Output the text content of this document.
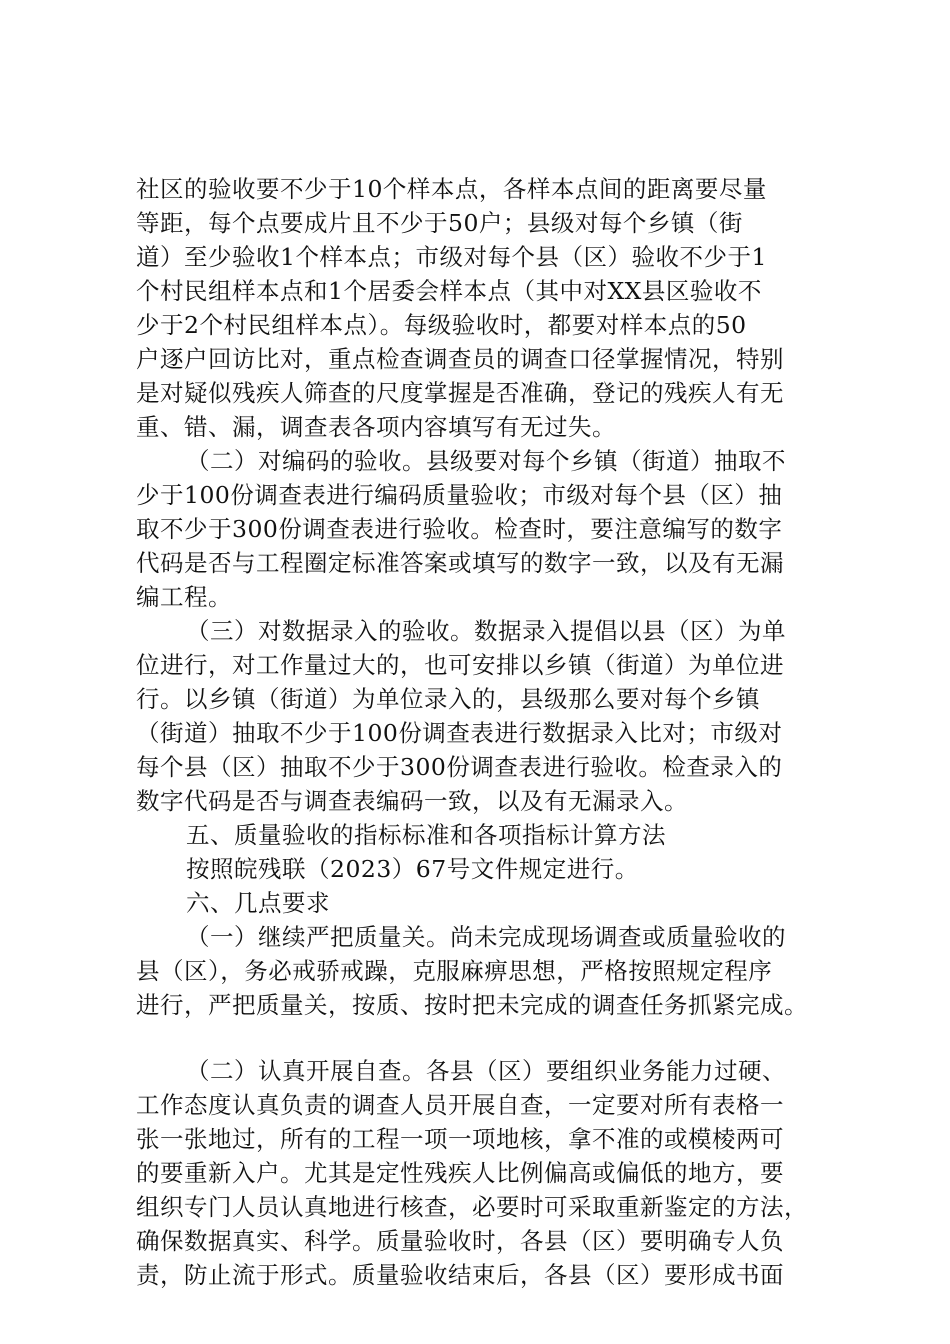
社区的验收要不少于10个样本点，各样本点间的距离要尽量
等距，每个点要成片且不少于50户；县级对每个乡镇（街
道）至少验收1个样本点；市级对每个县（区）验收不少于1
个村民组样本点和1个居委会样本点（其中对XX县区验收不
少于2个村民组样本点）。每级验收时，都要对样本点的50
户逐户回访比对，重点检查调查员的调查口径掌握情况，特别
是对疑似残疾人筛查的尺度掌握是否准确，登记的残疾人有无
重、错、漏，调查表各项内容填写有无过失。
（二）对编码的验收。县级要对每个乡镇（街道）抽取不
少于100份调查表进行编码质量验收；市级对每个县（区）抽
取不少于300份调查表进行验收。检查时，要注意编写的数字
代码是否与工程圈定标准答案或填写的数字一致，以及有无漏
编工程。
（三）对数据录入的验收。数据录入提倡以县（区）为单
位进行，对工作量过大的，也可安排以乡镇（街道）为单位进
行。以乡镇（街道）为单位录入的，县级那么要对每个乡镇
（街道）抽取不少于100份调查表进行数据录入比对；市级对
每个县（区）抽取不少于300份调查表进行验收。检查录入的
数字代码是否与调查表编码一致，以及有无漏录入。
五、质量验收的指标标准和各项指标计算方法
按照皖残联（2023）67号文件规定进行。
六、几点要求
（一）继续严把质量关。尚未完成现场调查或质量验收的
县（区），务必戒骄戒躁，克服麻痹思想，严格按照规定程序
进行，严把质量关，按质、按时把未完成的调查任务抓紧完成。
（二）认真开展自查。各县（区）要组织业务能力过硬、
工作态度认真负责的调查人员开展自查，一定要对所有表格一
张一张地过，所有的工程一项一项地核，拿不准的或模棱两可
的要重新入户。尤其是定性残疾人比例偏高或偏低的地方，要
组织专门人员认真地进行核查，必要时可采取重新鉴定的方法，
确保数据真实、科学。质量验收时，各县（区）要明确专人负
责，防止流于形式。质量验收结束后，各县（区）要形成书面
